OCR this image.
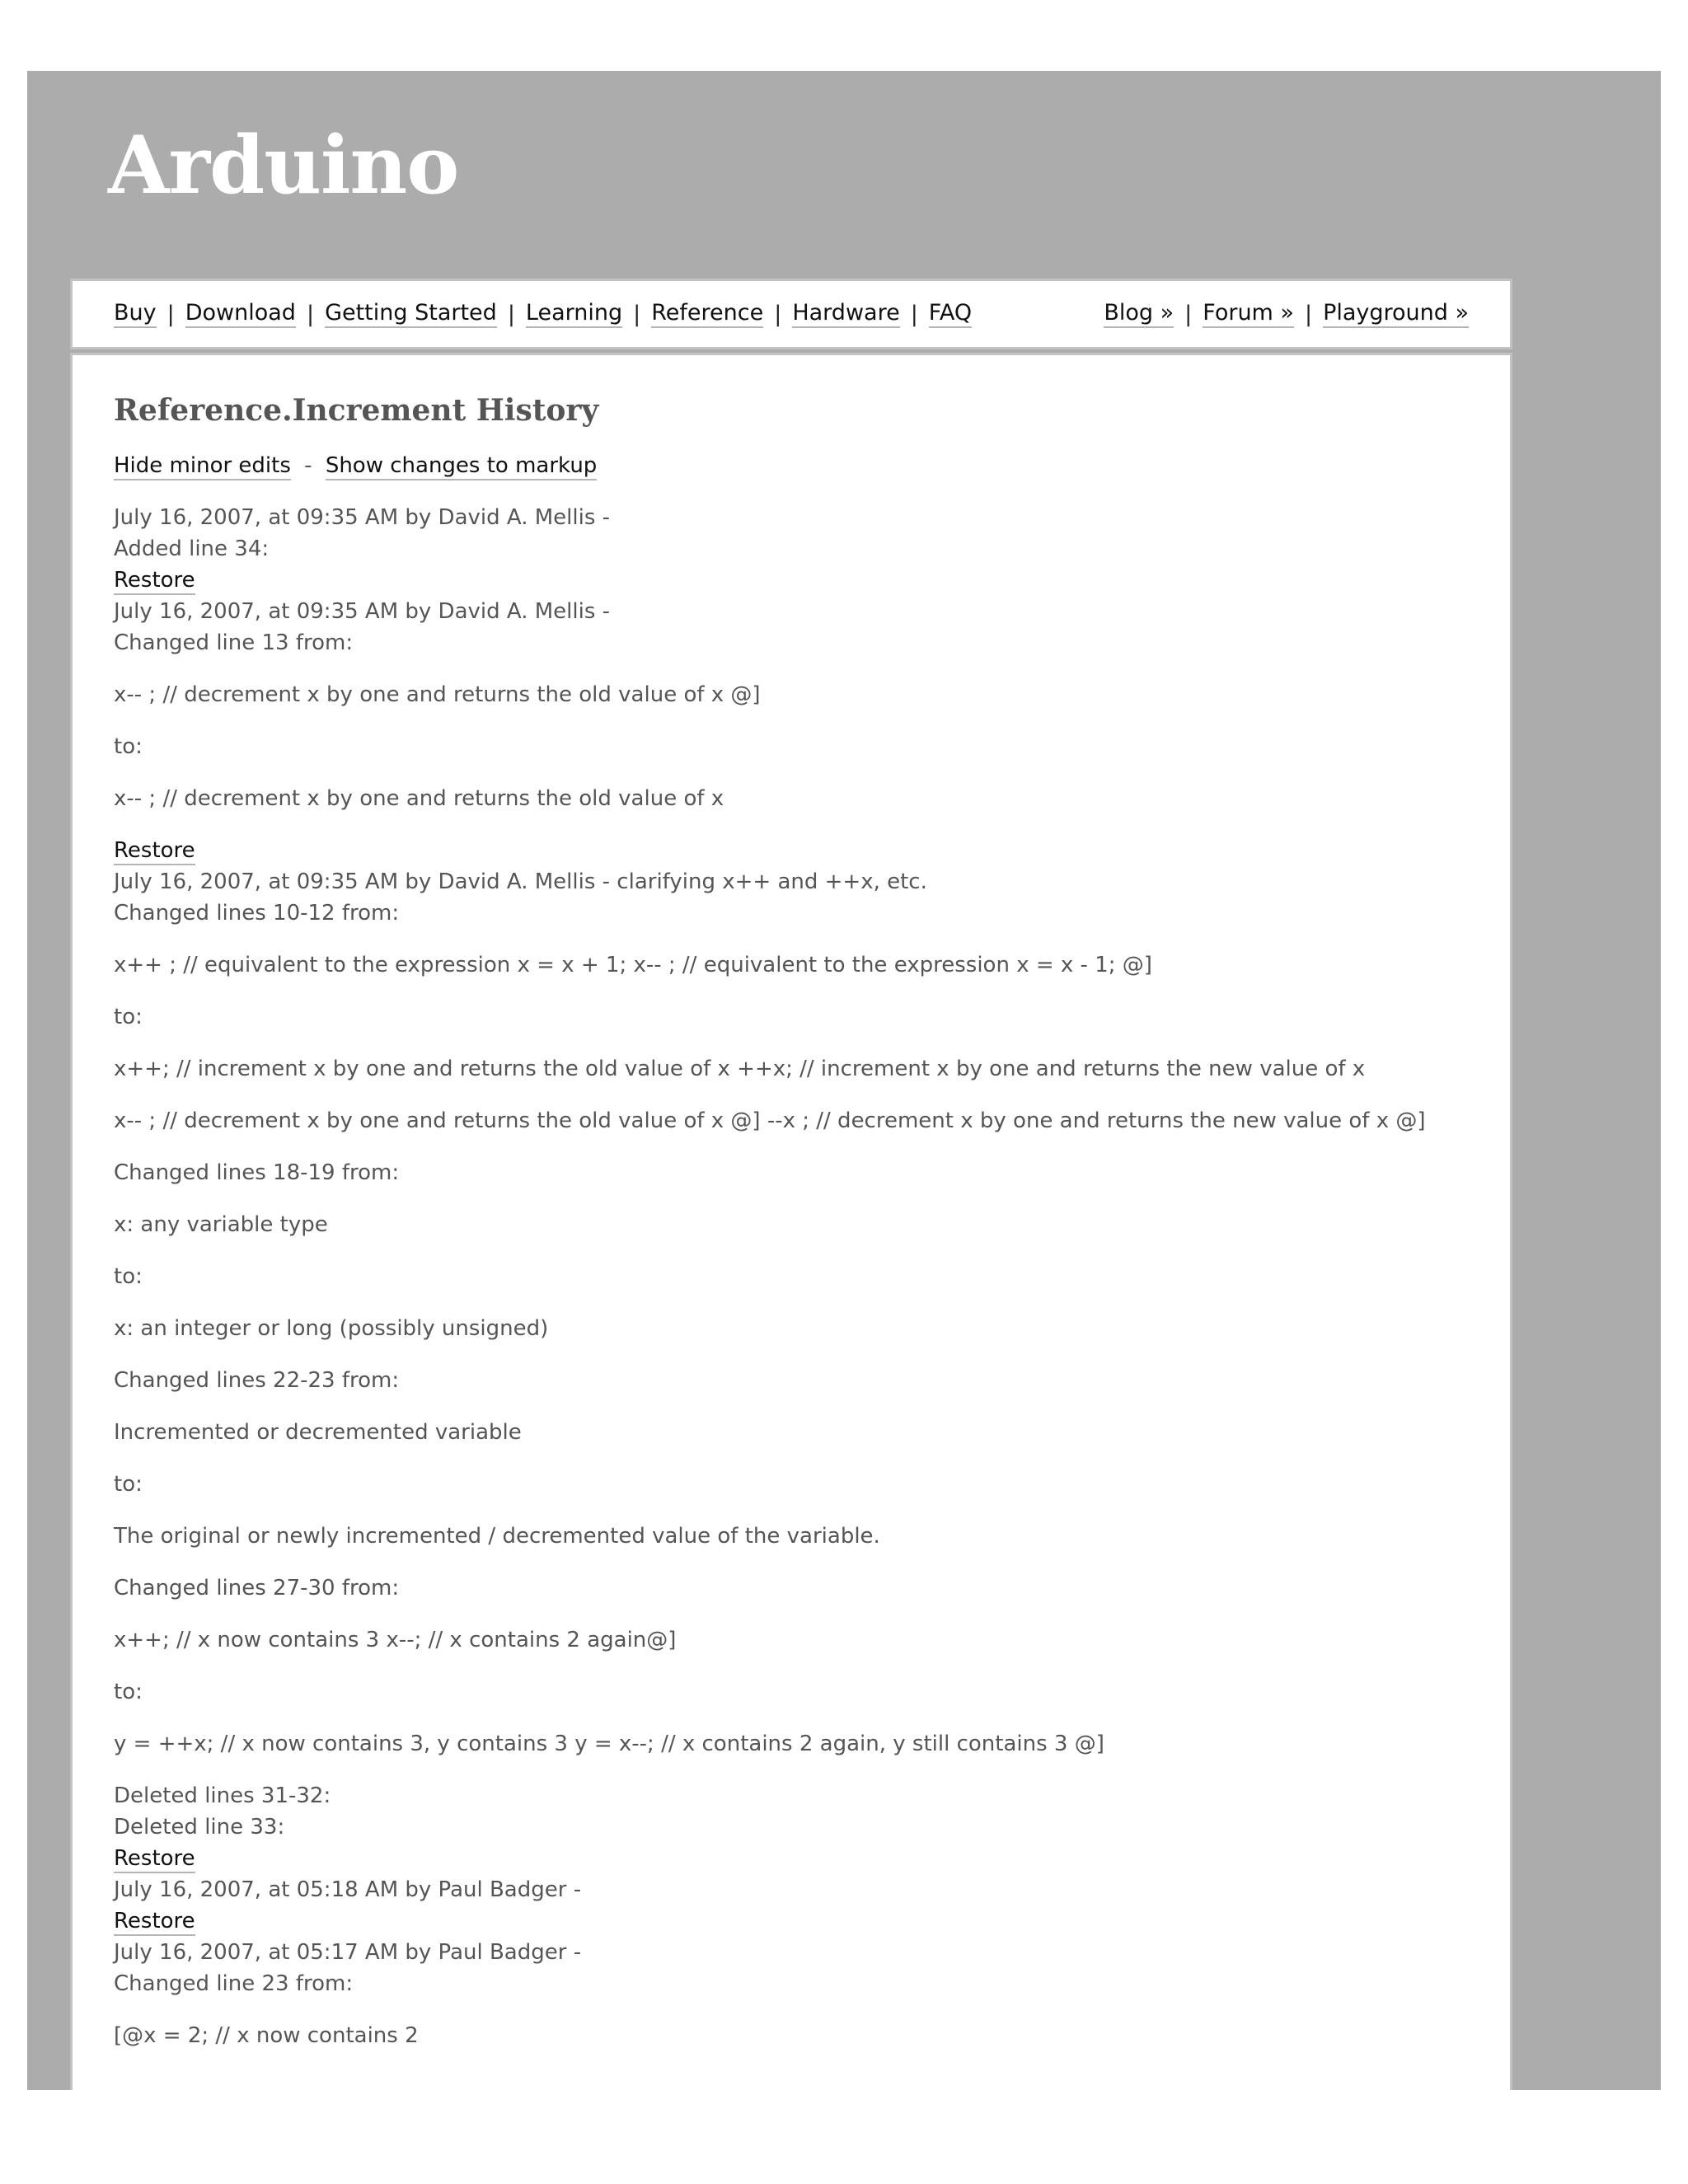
Arduino
Buy | Download | Getting Started | Learning | Reference | Hardware | FAQ	Blog » | Forum » | Playground »
Reference.Increment History
Hide minor edits - Show changes to markup
July 16, 2007, at 09:35 AM by David A. Mellis -
Added line 34:
Restore
July 16, 2007, at 09:35 AM by David A. Mellis -
Changed line 13 from:

x-- ; // decrement x by one and returns the old value of x @]

to:

x-- ; // decrement x by one and returns the old value of x

Restore
July 16, 2007, at 09:35 AM by David A. Mellis - clarifying x++ and ++x, etc.
Changed lines 10-12 from:

x++ ; // equivalent to the expression x = x + 1; x-- ; // equivalent to the expression x = x - 1; @]

to:

x++; // increment x by one and returns the old value of x ++x; // increment x by one and returns the new value of x

x-- ; // decrement x by one and returns the old value of x @] --x ; // decrement x by one and returns the new value of x @]

Changed lines 18-19 from:

x: any variable type

to:

x: an integer or long (possibly unsigned)

Changed lines 22-23 from:

Incremented or decremented variable

to:

The original or newly incremented / decremented value of the variable.

Changed lines 27-30 from:

x++; // x now contains 3 x--; // x contains 2 again@]

to:

y = ++x; // x now contains 3, y contains 3 y = x--; // x contains 2 again, y still contains 3 @]

Deleted lines 31-32:
Deleted line 33:
Restore
July 16, 2007, at 05:18 AM by Paul Badger -
Restore
July 16, 2007, at 05:17 AM by Paul Badger -
Changed line 23 from:

[@x = 2; // x now contains 2
